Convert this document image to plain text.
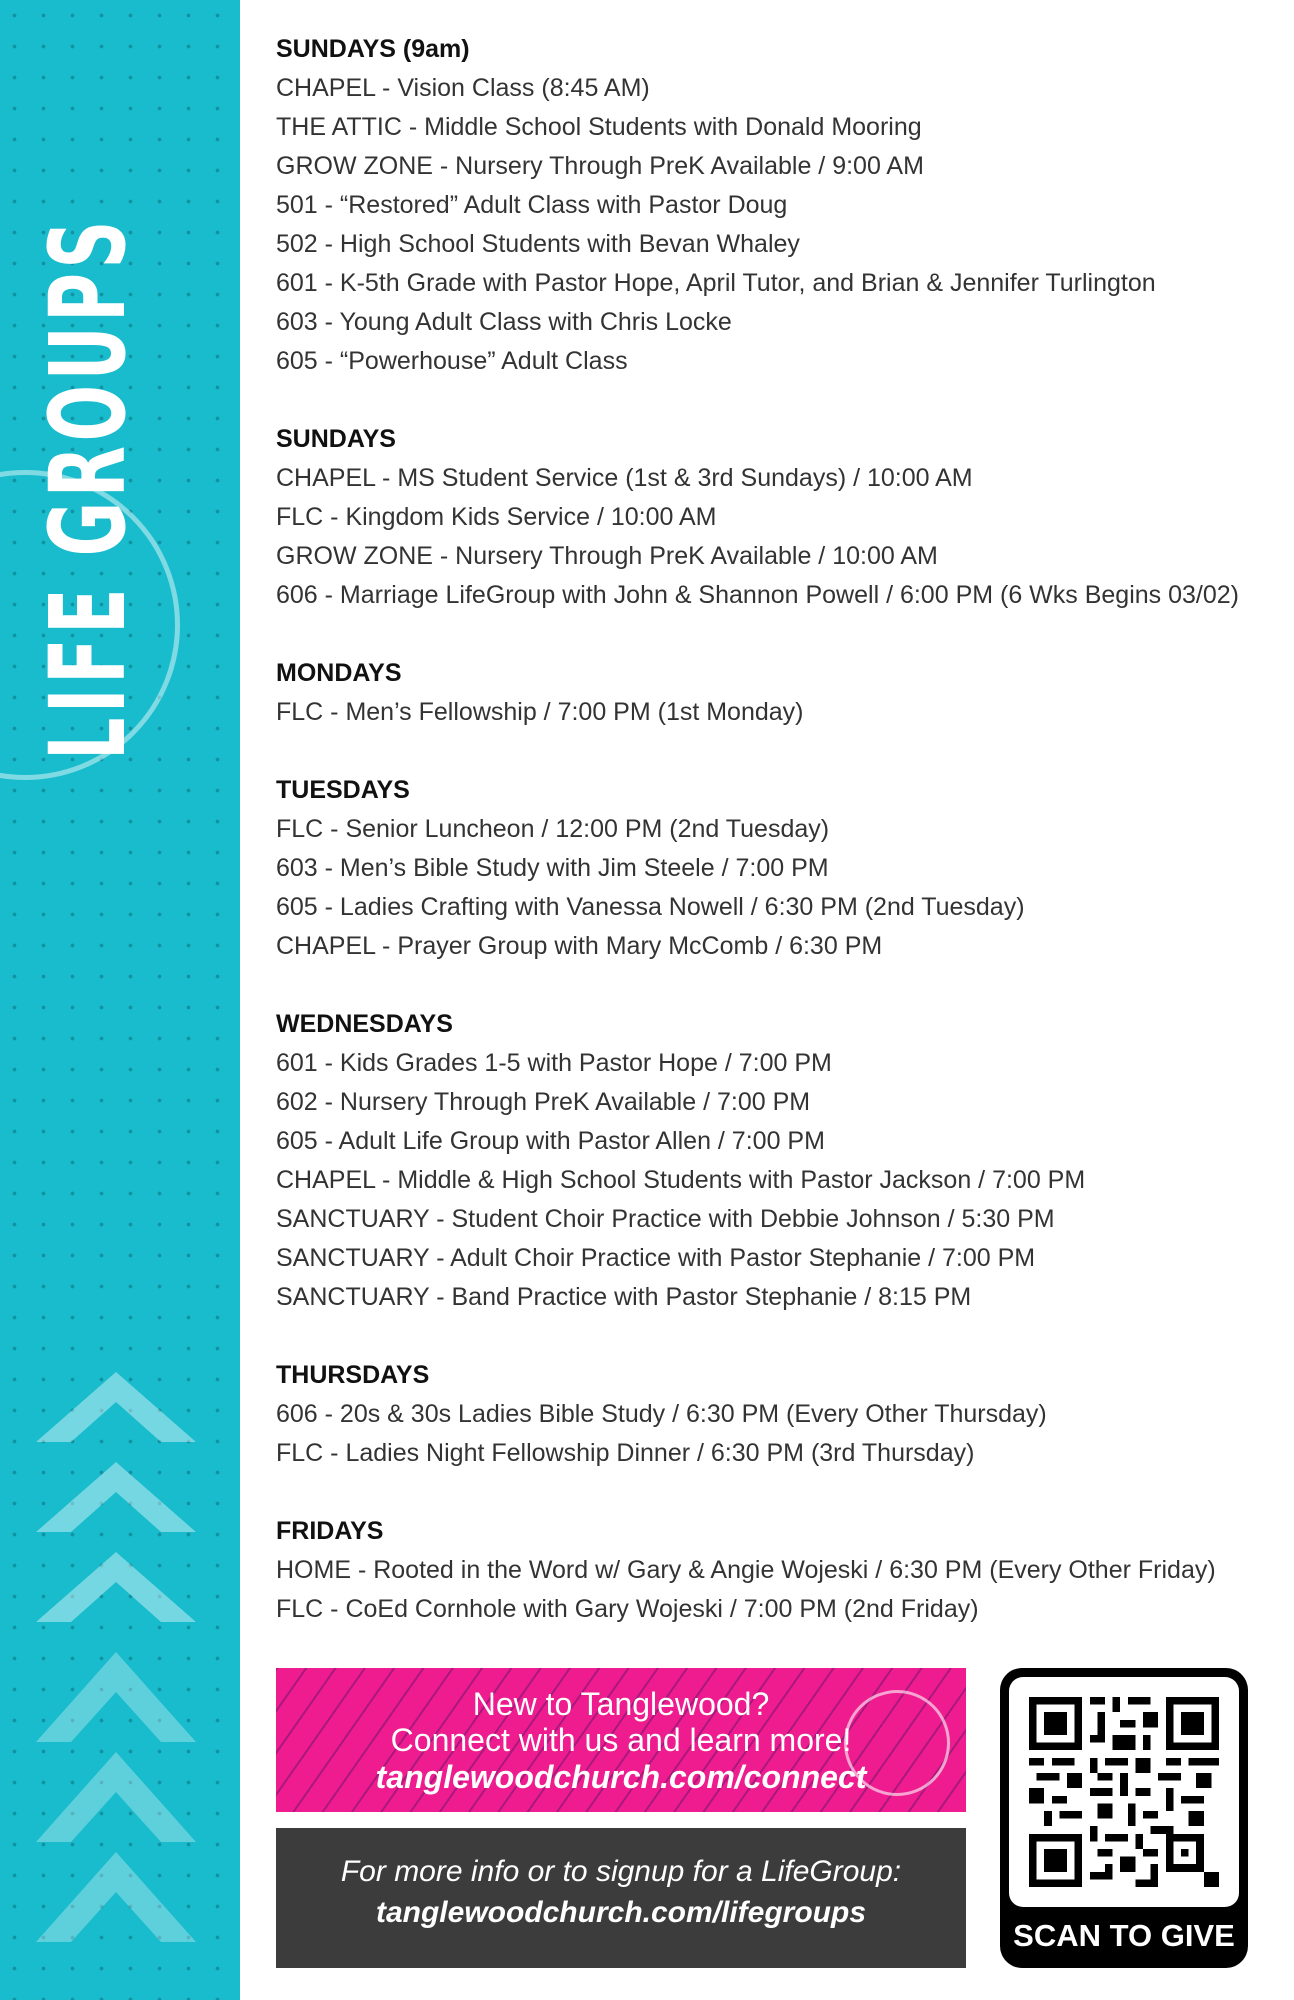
LIFE GROUPS
SUNDAYS (9am)
CHAPEL - Vision Class (8:45 AM)
THE ATTIC - Middle School Students with Donald Mooring
GROW ZONE - Nursery Through PreK Available / 9:00 AM
501 - “Restored” Adult Class with Pastor Doug
502 - High School Students with Bevan Whaley
601 - K-5th Grade with Pastor Hope, April Tutor, and Brian & Jennifer Turlington
603 - Young Adult Class with Chris Locke
605 - “Powerhouse” Adult Class
SUNDAYS
CHAPEL - MS Student Service (1st & 3rd Sundays) / 10:00 AM
FLC - Kingdom Kids Service / 10:00 AM
GROW ZONE - Nursery Through PreK Available / 10:00 AM
606 - Marriage LifeGroup with John & Shannon Powell / 6:00 PM (6 Wks Begins 03/02)
MONDAYS
FLC - Men’s Fellowship / 7:00 PM (1st Monday)
TUESDAYS
FLC - Senior Luncheon / 12:00 PM (2nd Tuesday)
603 - Men’s Bible Study with Jim Steele / 7:00 PM
605 - Ladies Crafting with Vanessa Nowell / 6:30 PM (2nd Tuesday)
CHAPEL - Prayer Group with Mary McComb / 6:30 PM
WEDNESDAYS
601 - Kids Grades 1-5 with Pastor Hope / 7:00 PM
602 - Nursery Through PreK Available / 7:00 PM
605 - Adult Life Group with Pastor Allen / 7:00 PM
CHAPEL - Middle & High School Students with Pastor Jackson / 7:00 PM
SANCTUARY - Student Choir Practice with Debbie Johnson / 5:30 PM
SANCTUARY - Adult Choir Practice with Pastor Stephanie / 7:00 PM
SANCTUARY - Band Practice with Pastor Stephanie / 8:15 PM
THURSDAYS
606 - 20s & 30s Ladies Bible Study / 6:30 PM (Every Other Thursday)
FLC - Ladies Night Fellowship Dinner / 6:30 PM (3rd Thursday)
FRIDAYS
HOME - Rooted in the Word w/ Gary & Angie Wojeski / 6:30 PM (Every Other Friday)
FLC - CoEd Cornhole with Gary Wojeski / 7:00 PM (2nd Friday)
New to Tanglewood?
Connect with us and learn more!
tanglewoodchurch.com/connect
For more info or to signup for a LifeGroup:
tanglewoodchurch.com/lifegroups
SCAN TO GIVE
